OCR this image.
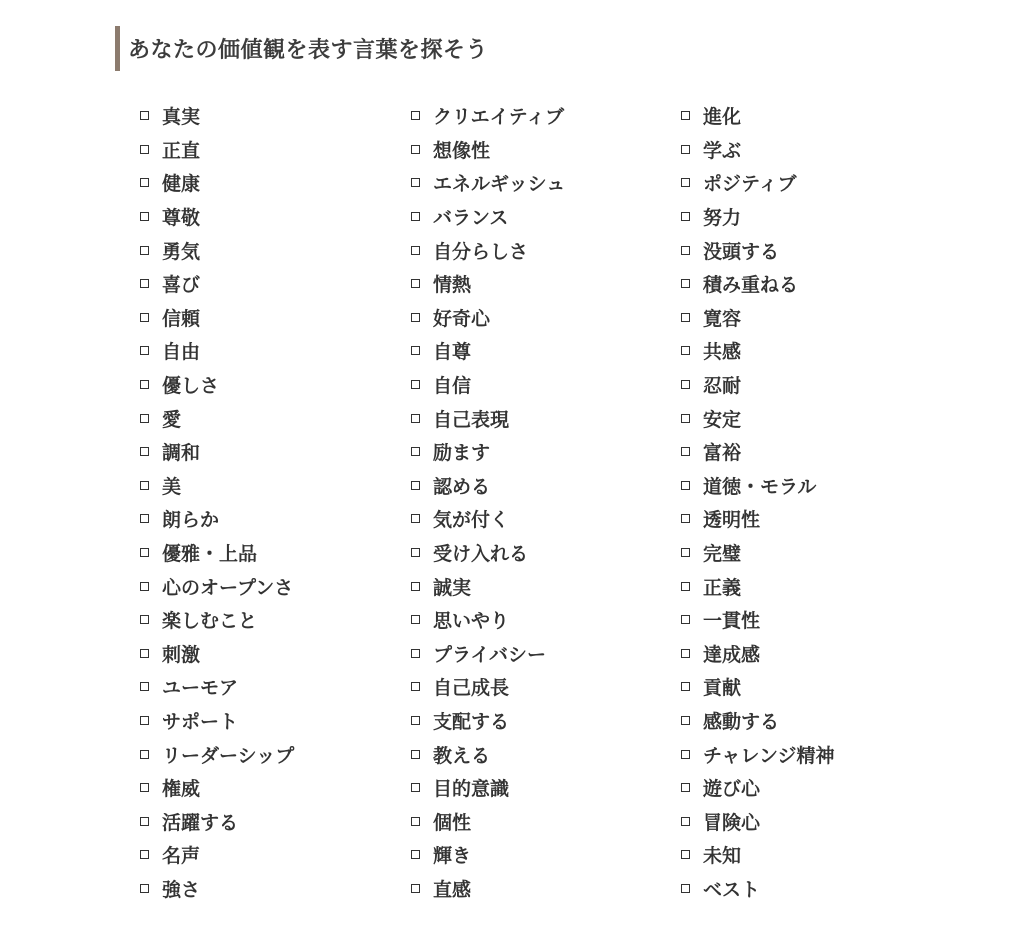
あなたの価値観を表す言葉を探そう
真実
正直
健康
尊敬
勇気
喜び
信頼
自由
優しさ
愛
調和
美
朗らか
優雅・上品
心のオープンさ
楽しむこと
刺激
ユーモア
サポート
リーダーシップ
権威
活躍する
名声
強さ
クリエイティブ
想像性
エネルギッシュ
バランス
自分らしさ
情熱
好奇心
自尊
自信
自己表現
励ます
認める
気が付く
受け入れる
誠実
思いやり
プライバシー
自己成長
支配する
教える
目的意識
個性
輝き
直感
進化
学ぶ
ポジティブ
努力
没頭する
積み重ねる
寛容
共感
忍耐
安定
富裕
道徳・モラル
透明性
完璧
正義
一貫性
達成感
貢献
感動する
チャレンジ精神
遊び心
冒険心
未知
ベスト
